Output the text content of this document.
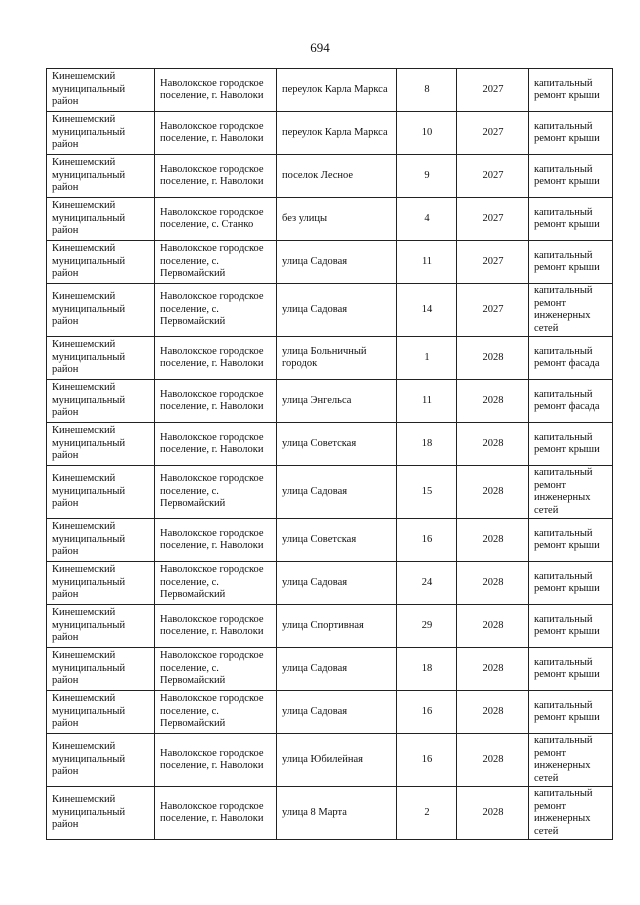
694
Кинешемский муниципальный район	Наволокское городское поселение, г. Наволоки	переулок Карла Маркса	8	2027	капитальный ремонт крыши
Кинешемский муниципальный район	Наволокское городское поселение, г. Наволоки	переулок Карла Маркса	10	2027	капитальный ремонт крыши
Кинешемский муниципальный район	Наволокское городское поселение, г. Наволоки	поселок Лесное	9	2027	капитальный ремонт крыши
Кинешемский муниципальный район	Наволокское городское поселение, с. Станко	без улицы	4	2027	капитальный ремонт крыши
Кинешемский муниципальный район	Наволокское городское поселение, с. Первомайский	улица Садовая	11	2027	капитальный ремонт крыши
Кинешемский муниципальный район	Наволокское городское поселение, с. Первомайский	улица Садовая	14	2027	капитальный ремонт инженерных сетей
Кинешемский муниципальный район	Наволокское городское поселение, г. Наволоки	улица Больничный городок	1	2028	капитальный ремонт фасада
Кинешемский муниципальный район	Наволокское городское поселение, г. Наволоки	улица Энгельса	11	2028	капитальный ремонт фасада
Кинешемский муниципальный район	Наволокское городское поселение, г. Наволоки	улица Советская	18	2028	капитальный ремонт крыши
Кинешемский муниципальный район	Наволокское городское поселение, с. Первомайский	улица Садовая	15	2028	капитальный ремонт инженерных сетей
Кинешемский муниципальный район	Наволокское городское поселение, г. Наволоки	улица Советская	16	2028	капитальный ремонт крыши
Кинешемский муниципальный район	Наволокское городское поселение, с. Первомайский	улица Садовая	24	2028	капитальный ремонт крыши
Кинешемский муниципальный район	Наволокское городское поселение, г. Наволоки	улица Спортивная	29	2028	капитальный ремонт крыши
Кинешемский муниципальный район	Наволокское городское поселение, с. Первомайский	улица Садовая	18	2028	капитальный ремонт крыши
Кинешемский муниципальный район	Наволокское городское поселение, с. Первомайский	улица Садовая	16	2028	капитальный ремонт крыши
Кинешемский муниципальный район	Наволокское городское поселение, г. Наволоки	улица Юбилейная	16	2028	капитальный ремонт инженерных сетей
Кинешемский муниципальный район	Наволокское городское поселение, г. Наволоки	улица 8 Марта	2	2028	капитальный ремонт инженерных сетей
